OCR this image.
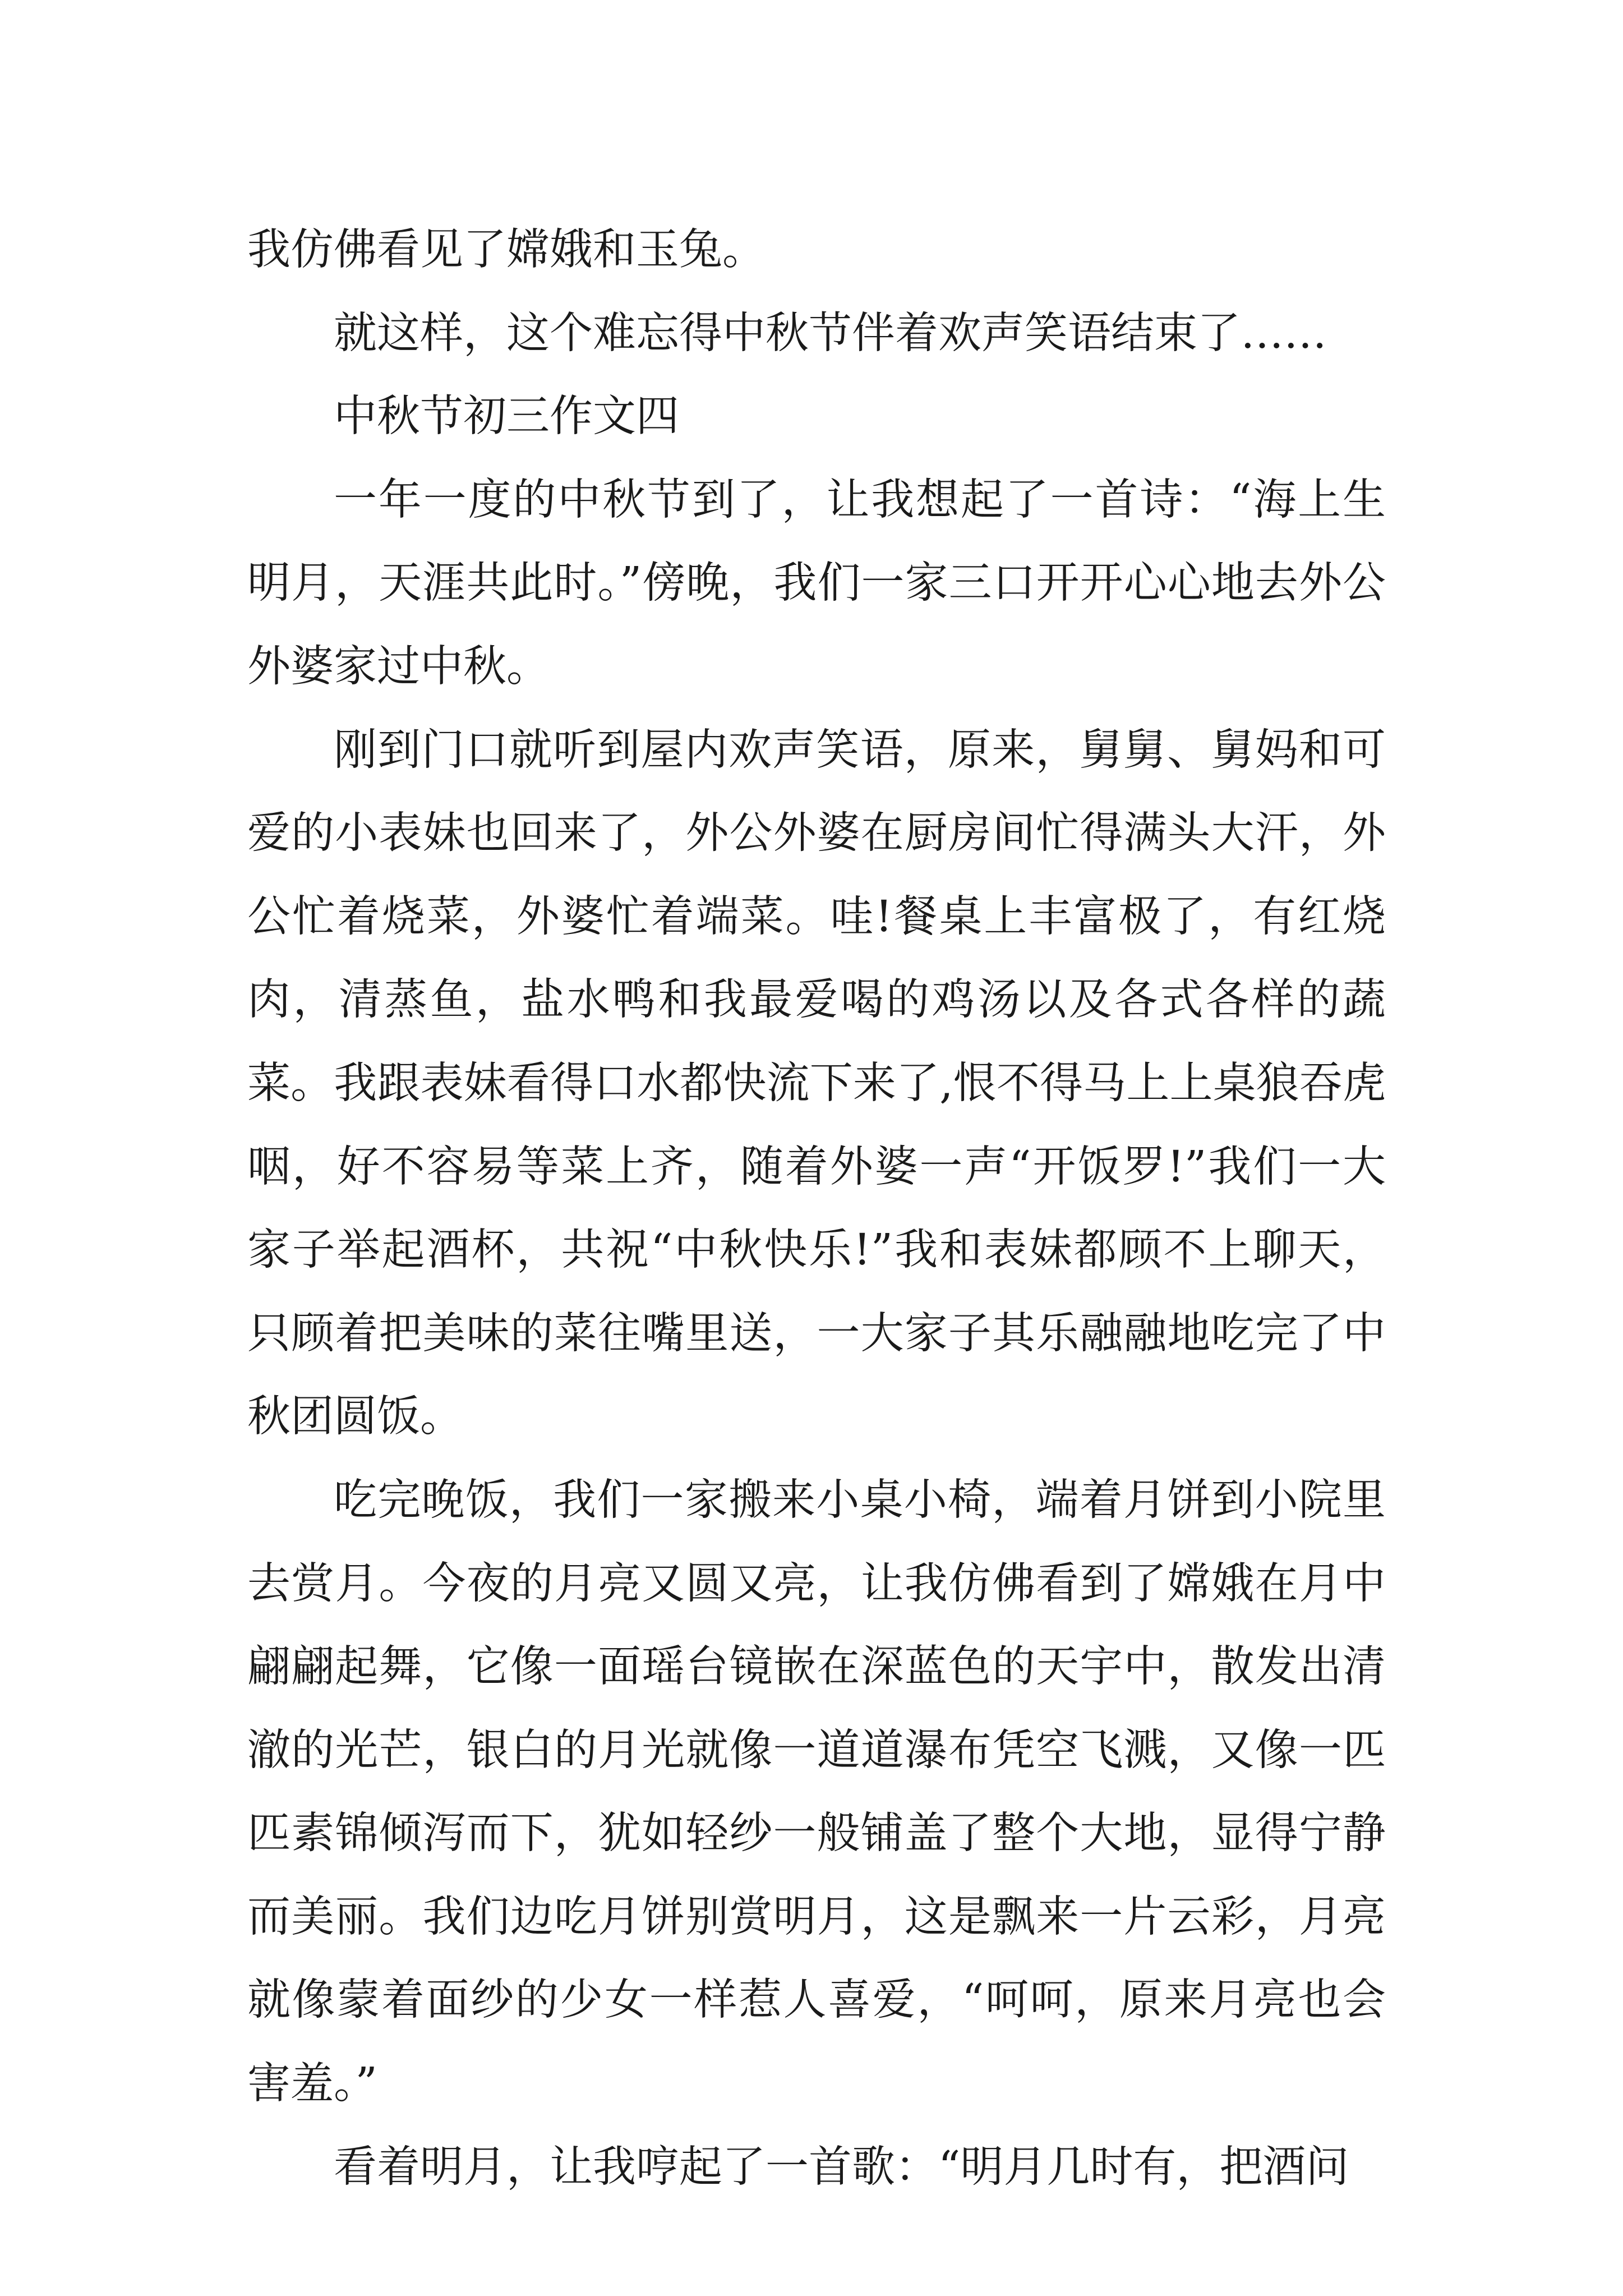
我仿佛看见了嫦娥和玉兔。

就这样，这个难忘得中秋节伴着欢声笑语结束了……

中秋节初三作文四

一年一度的中秋节到了，让我想起了一首诗：“海上生明月，天涯共此时。”傍晚，我们一家三口开开心心地去外公外婆家过中秋。

刚到门口就听到屋内欢声笑语，原来，舅舅、舅妈和可爱的小表妹也回来了，外公外婆在厨房间忙得满头大汗，外公忙着烧菜，外婆忙着端菜。哇!餐桌上丰富极了，有红烧肉，清蒸鱼，盐水鸭和我最爱喝的鸡汤以及各式各样的蔬菜。我跟表妹看得口水都快流下来了,恨不得马上上桌狼吞虎咽，好不容易等菜上齐，随着外婆一声“开饭罗!”我们一大家子举起酒杯，共祝“中秋快乐!”我和表妹都顾不上聊天，只顾着把美味的菜往嘴里送，一大家子其乐融融地吃完了中秋团圆饭。

吃完晚饭，我们一家搬来小桌小椅，端着月饼到小院里去赏月。今夜的月亮又圆又亮，让我仿佛看到了嫦娥在月中翩翩起舞，它像一面瑶台镜嵌在深蓝色的天宇中，散发出清澈的光芒，银白的月光就像一道道瀑布凭空飞溅，又像一匹匹素锦倾泻而下，犹如轻纱一般铺盖了整个大地，显得宁静而美丽。我们边吃月饼别赏明月，这是飘来一片云彩，月亮就像蒙着面纱的少女一样惹人喜爱，“呵呵，原来月亮也会害羞。”

看着明月，让我哼起了一首歌：“明月几时有，把酒问
